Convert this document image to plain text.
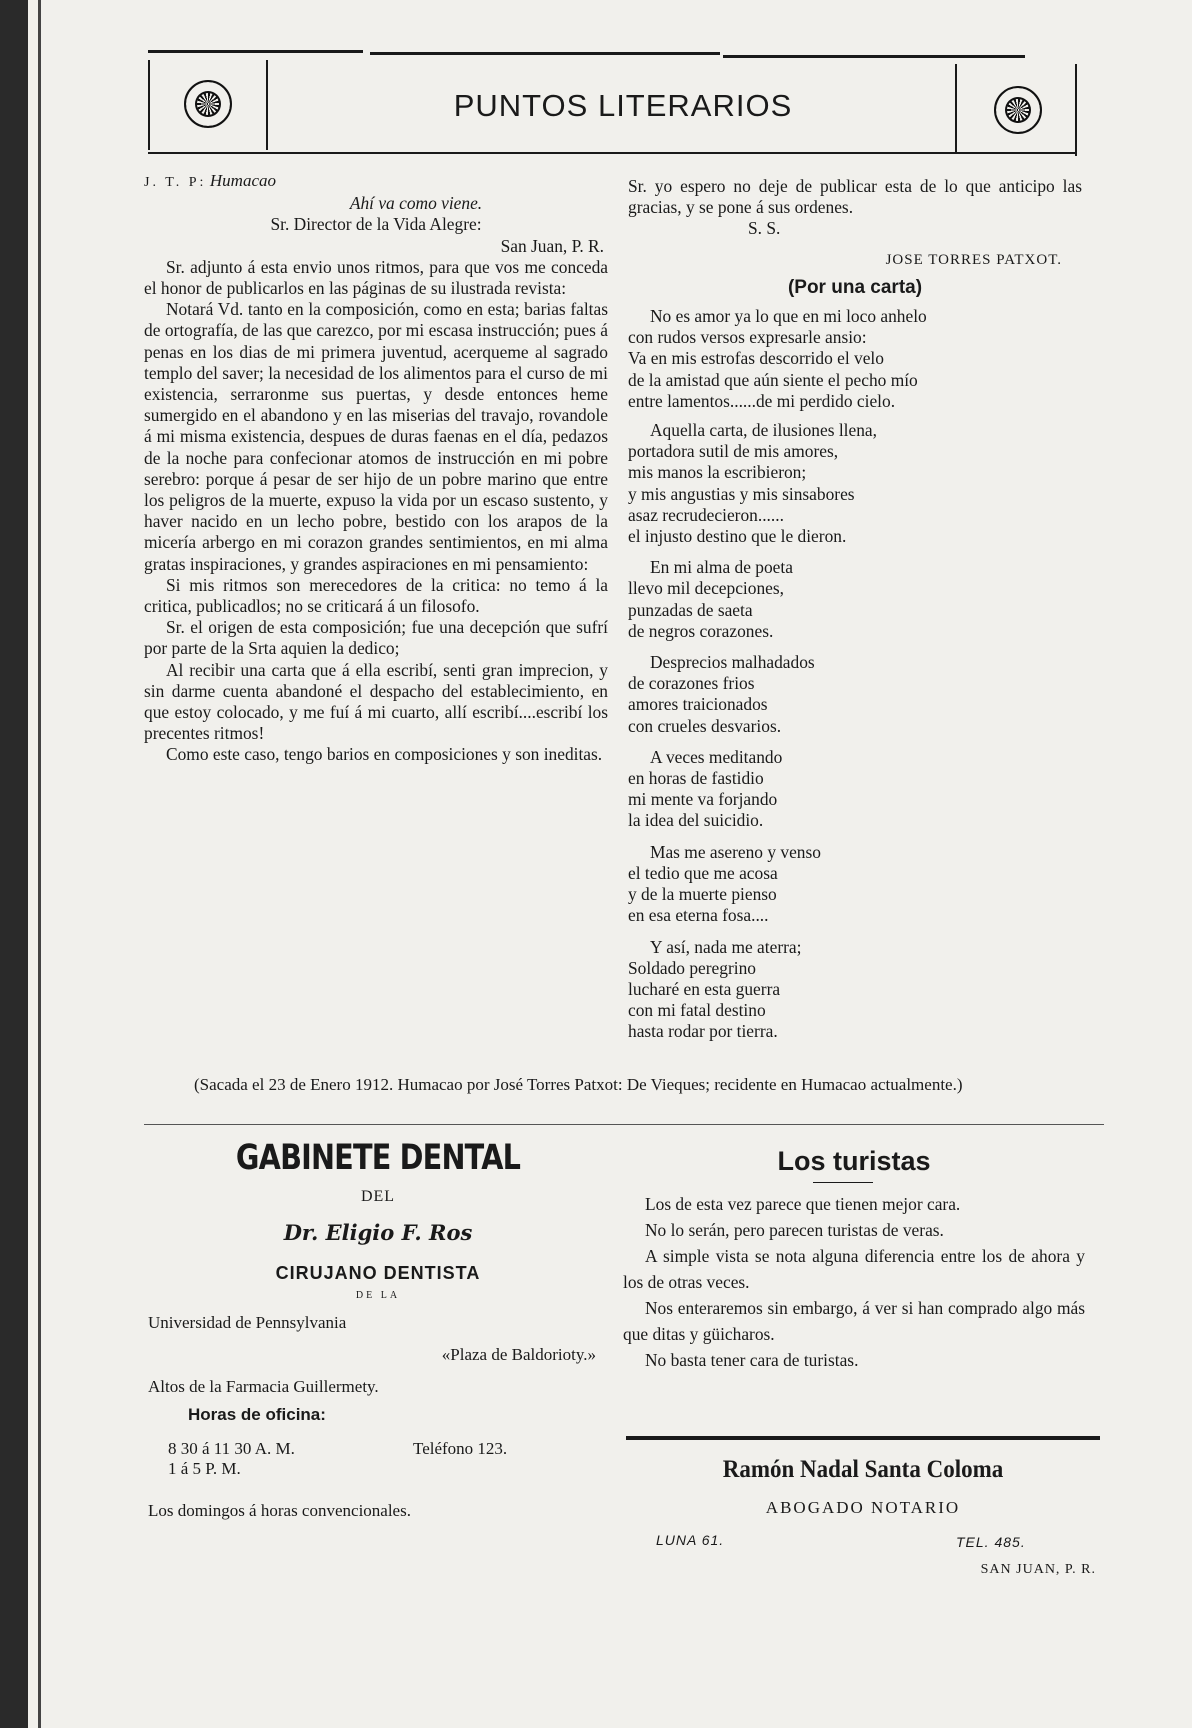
PUNTOS LITERARIOS

J. T. P: Humacao

Ahí va como viene.

Sr. Director de la Vida Alegre:

San Juan, P. R.

Sr. adjunto á esta envio unos ritmos, para que vos me conceda el honor de publicarlos en las páginas de su ilustrada revista:

Notará Vd. tanto en la composición, como en esta; barias faltas de ortografía, de las que carezco, por mi escasa instrucción; pues á penas en los dias de mi primera juventud, acerqueme al sagrado templo del saver; la necesidad de los alimentos para el curso de mi existencia, serraronme sus puertas, y desde entonces heme sumergido en el abandono y en las miserias del travajo, rovandole á mi misma existencia, despues de duras faenas en el día, pedazos de la noche para confecionar atomos de instrucción en mi pobre serebro: porque á pesar de ser hijo de un pobre marino que entre los peligros de la muerte, expuso la vida por un escaso sustento, y haver nacido en un lecho pobre, bestido con los arapos de la micería arbergo en mi corazon grandes sentimientos, en mi alma gratas inspiraciones, y grandes aspiraciones en mi pensamiento:

Si mis ritmos son merecedores de la critica: no temo á la critica, publicadlos; no se criticará á un filosofo.

Sr. el origen de esta composición; fue una decepción que sufrí por parte de la Srta aquien la dedico;

Al recibir una carta que á ella escribí, senti gran imprecion, y sin darme cuenta abandoné el despacho del establecimiento, en que estoy colocado, y me fuí á mi cuarto, allí escribí....escribí los precentes ritmos!

Como este caso, tengo barios en composiciones y son ineditas.

Sr. yo espero no deje de publicar esta de lo que anticipo las gracias, y se pone á sus ordenes.

S. S.

JOSE TORRES PATXOT.

(Por una carta)

No es amor ya lo que en mi loco anhelo

con rudos versos expresarle ansio:

Va en mis estrofas descorrido el velo

de la amistad que aún siente el pecho mío

entre lamentos......de mi perdido cielo.

Aquella carta, de ilusiones llena,

portadora sutil de mis amores,

mis manos la escribieron;

y mis angustias y mis sinsabores

asaz recrudecieron......

el injusto destino que le dieron.

En mi alma de poeta

llevo mil decepciones,

punzadas de saeta

de negros corazones.

Desprecios malhadados

de corazones frios

amores traicionados

con crueles desvarios.

A veces meditando

en horas de fastidio

mi mente va forjando

la idea del suicidio.

Mas me asereno y venso

el tedio que me acosa

y de la muerte pienso

en esa eterna fosa....

Y así, nada me aterra;

Soldado peregrino

lucharé en esta guerra

con mi fatal destino

hasta rodar por tierra.

(Sacada el 23 de Enero 1912. Humacao por José Torres Patxot: De Vieques; recidente en Humacao actualmente.)
GABINETE DENTAL
DEL
Dr. Eligio F. Ros
CIRUJANO DENTISTA
DE LA
Universidad de Pennsylvania
«Plaza de Baldorioty.»
Altos de la Farmacia Guillermety.
Horas de oficina:
8 30 á 11 30 A. M.
1 á 5 P. M.
Teléfono 123.
Los domingos á horas convencionales.
Los turistas

Los de esta vez parece que tienen mejor cara.

No lo serán, pero parecen turistas de veras.

A simple vista se nota alguna diferencia entre los de ahora y los de otras veces.

Nos enteraremos sin embargo, á ver si han comprado algo más que ditas y güicharos.

No basta tener cara de turistas.

Ramón Nadal Santa Coloma
ABOGADO NOTARIO
LUNA 61.	TEL. 485.
SAN JUAN, P. R.
